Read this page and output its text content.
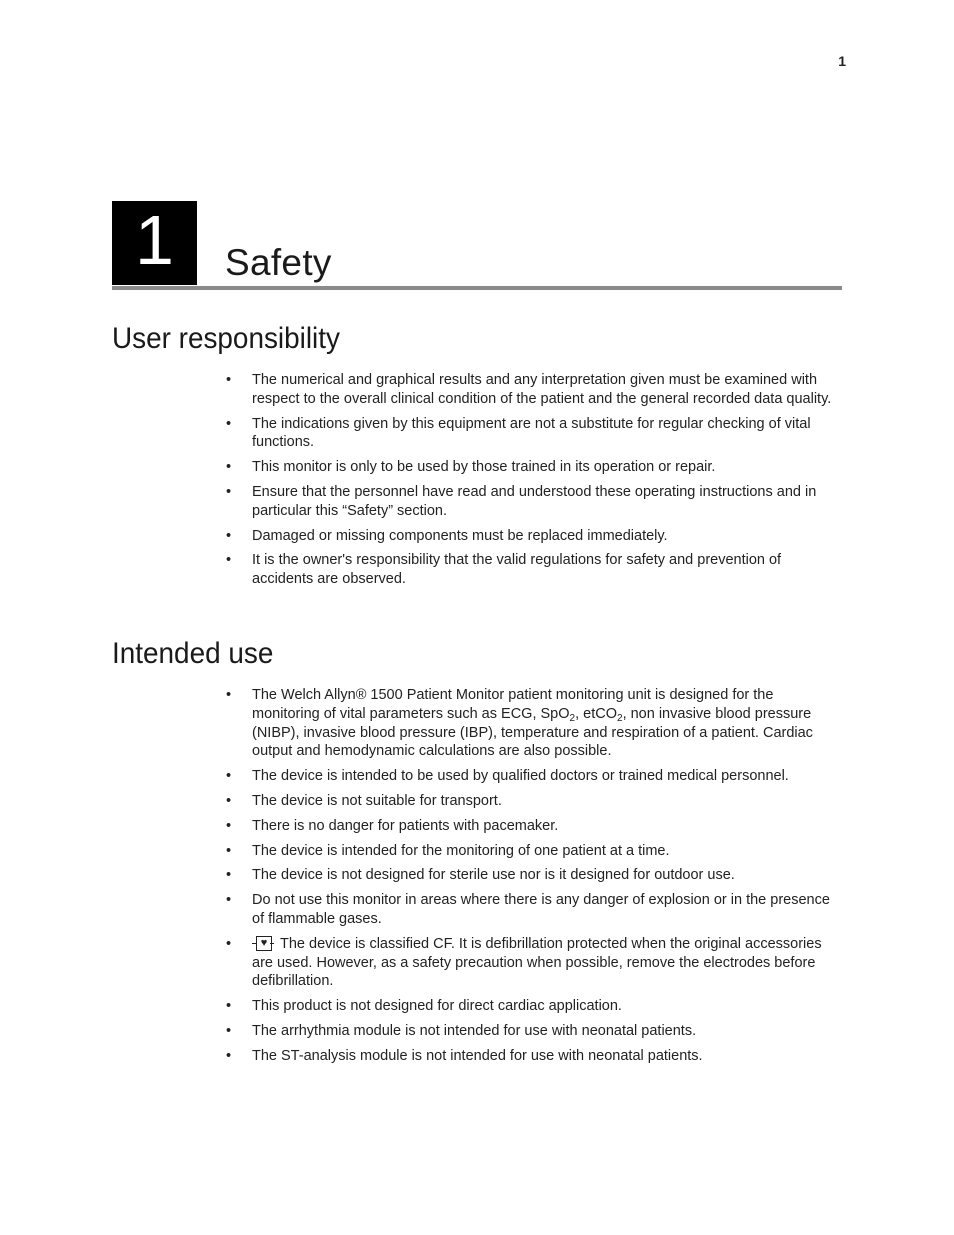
1
1	Safety
User responsibility
• The numerical and graphical results and any interpretation given must be examined with respect to the overall clinical condition of the patient and the general recorded data quality.
• The indications given by this equipment are not a substitute for regular checking of vital functions.
• This monitor is only to be used by those trained in its operation or repair.
• Ensure that the personnel have read and understood these operating instructions and in particular this “Safety” section.
• Damaged or missing components must be replaced immediately.
• It is the owner's responsibility that the valid regulations for safety and prevention of accidents are observed.
Intended use
• The Welch Allyn® 1500 Patient Monitor patient monitoring unit is designed for the monitoring of vital parameters such as ECG, SpO$_2$, etCO$_2$, non invasive blood pressure (NIBP), invasive blood pressure (IBP), temperature and respiration of a patient. Cardiac output and hemodynamic calculations are also possible.
• The device is intended to be used by qualified doctors or trained medical personnel.
• The device is not suitable for transport.
• There is no danger for patients with pacemaker.
• The device is intended for the monitoring of one patient at a time.
• The device is not designed for sterile use nor is it designed for outdoor use.
• Do not use this monitor in areas where there is any danger of explosion or in the presence of flammable gases.
• ♥ The device is classified CF. It is defibrillation protected when the original accessories are used. However, as a safety precaution when possible, remove the electrodes before defibrillation.
• This product is not designed for direct cardiac application.
• The arrhythmia module is not intended for use with neonatal patients.
• The ST-analysis module is not intended for use with neonatal patients.
